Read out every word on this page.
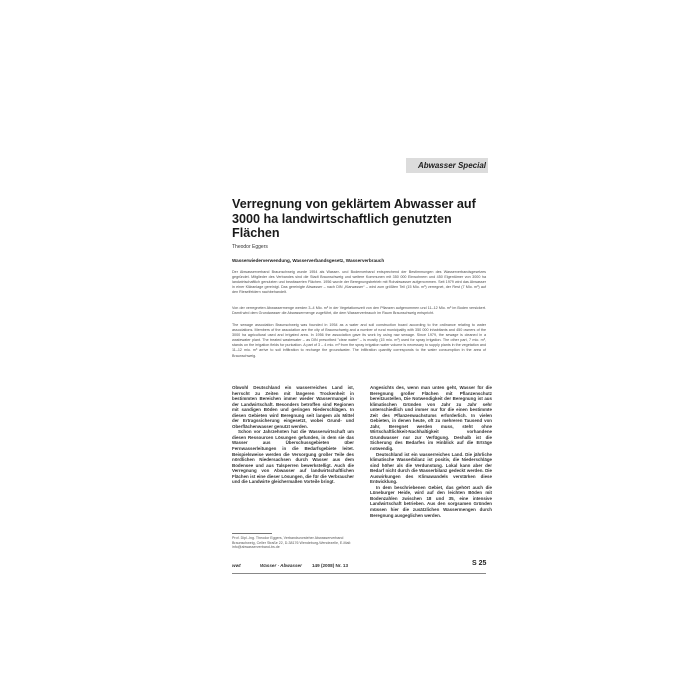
Abwasser Special
Verregnung von geklärtem Abwasser auf 3000 ha landwirtschaftlich genutzten Flächen
Theodor Eggers
Wasserwiederverwendung, Wasserverbandsgesetz, Wasserverbrauch

Der Abwasserverband Braunschweig wurde 1954 als Wasser- und Bodenverband entsprechend der Bestimmungen des Wasserverbandsgesetzes gegründet. Mitglieder des Verbandes sind die Stadt Braunschweig und weitere Kommunen mit 350 000 Einwohnern und 450 Eigentümer von 3000 ha landwirtschaftlich genutzten und bewässerten Flächen. 1956 wurde der Beregnungsbetrieb mit Rohabwasser aufgenommen. Seit 1979 wird das Abwasser in einer Kläranlage gereinigt. Das gereinigte Abwasser – nach DIN „Klarwasser“ – wird zum größten Teil (15 Mio. m³) verregnet, der Rest (7 Mio. m³) auf den Rieselfeldern nachbehandelt.

Von der verregneten Abwassermenge werden 3–4 Mio. m³ in der Vegetationszeit von den Pflanzen aufgenommen und 11–12 Mio. m³ im Boden versickert. Damit wird dem Grundwasser die Abwassermenge zugeführt, die dem Wasserverbrauch im Raum Braunschweig entspricht.

The sewage association Braunschweig was founded in 1954 as a water and soil construction board according to the ordinance relating to water associations. Members of the association are the city of Braunschweig and a number of rural municipality with 350 000 inhabitants and 450 owners of the 3000 ha agricultural used and irrigated area. In 1956 the association gave its work by using raw sewage. Since 1979, the sewage is cleaned in a wastewater plant. The treated wastewater – as DIN prescribed "clear water" – is mostly (15 mio. m³) used for spray irrigation. The other part, 7 mio. m³, stands on the irrigation fields for purication. A part of 3 – 4 mio. m³ from the spray irrigation water volume is necessary to supply plants in the vegetation and 11–12 mio. m³ arrive to soil infiltration to recharge the groundwater. The infiltration quantity corresponds to the water consumption in the area of Braunschweig.

Obwohl Deutschland ein wasserreiches Land ist, herrscht zu Zeiten mit längeren Trockenheit in bestimmten Bereichen immer wieder Wassermangel in der Landwirtschaft. Besonders betroffen sind Regionen mit sandigen Böden und geringen Niederschlägen. In diesen Gebieten wird Beregnung seit langem als Mittel der Ertragssicherung eingesetzt, wobei Grund- und Oberflächenwasser genutzt werden.

Schon vor Jahrzehnten hat die Wasserwirtschaft um diesen Ressourcen Lösungen gefunden, in dem sie das Wasser aus Überschussgebieten über Fernwasserleitungen in die Bedarfsgebiete leitet. Beispielsweise werden die Versorgung großer Teile des nördlichen Niedersachsen durch Wasser aus dem Bodensee und aus Talsperren bewerkstelligt. Auch die Verregnung von Abwasser auf landwirtschaftlichen Flächen ist eine dieser Lösungen, die für die Verbraucher und die Landwirte gleichermaßen Vorteile bringt.

Angesichts des, wenn man unten geht, Wasser für die Beregnung großer Flächen mit Pflanzenschutz bereitzustellen, Die Notwendigkeit der Beregnung ist aus klimatischen Gründen von Jahr zu Jahr sehr unterschiedlich und immer nur für die einen bestimmte Zeit des Pflanzenwachstums erforderlich. In vielen Gebieten, in denen heute, oft zu mehreren Tausend von Jahr, Beregnet werden muss, steht ohne Wirtschaftlichkeit-Nachhaltigkeit vorhandene Grundwasser nur zur Verfügung. Deshalb ist die Sicherung des Bedarfes im Hinblick auf die Erträge notwendig.

Deutschland ist ein wasserreiches Land. Die jährliche klimatische Wasserbilanz ist positiv, die Niederschläge sind höher als die Verdunstung. Lokal kann aber der Bedarf nicht durch die Wasserbilanz gedeckt werden. Die Auswirkungen des Klimawandels verstärken diese Entwicklung.

In dem beschriebenen Gebiet, das gehört auch die Lüneburger Heide, wird auf den leichten Böden mit Bodenzahlen zwischen 18 und 35, eine intensive Landwirtschaft betrieben. Aus den sorgsamen Gründen müssen hier die zusätzlichen Wassermengen durch Beregnung ausgeglichen werden.

Prof. Dipl.-Ing. Theodor Eggers, Verbandsvorsteher Abwasserverband Braunschweig, Celler Straße 22, D-38176 Wendeburg-Wendezelle, E-Mail: info@abwasserverband-bs.de

wwt	Wasser · Abwasser 149 (2008) Nr. 13	S 25
